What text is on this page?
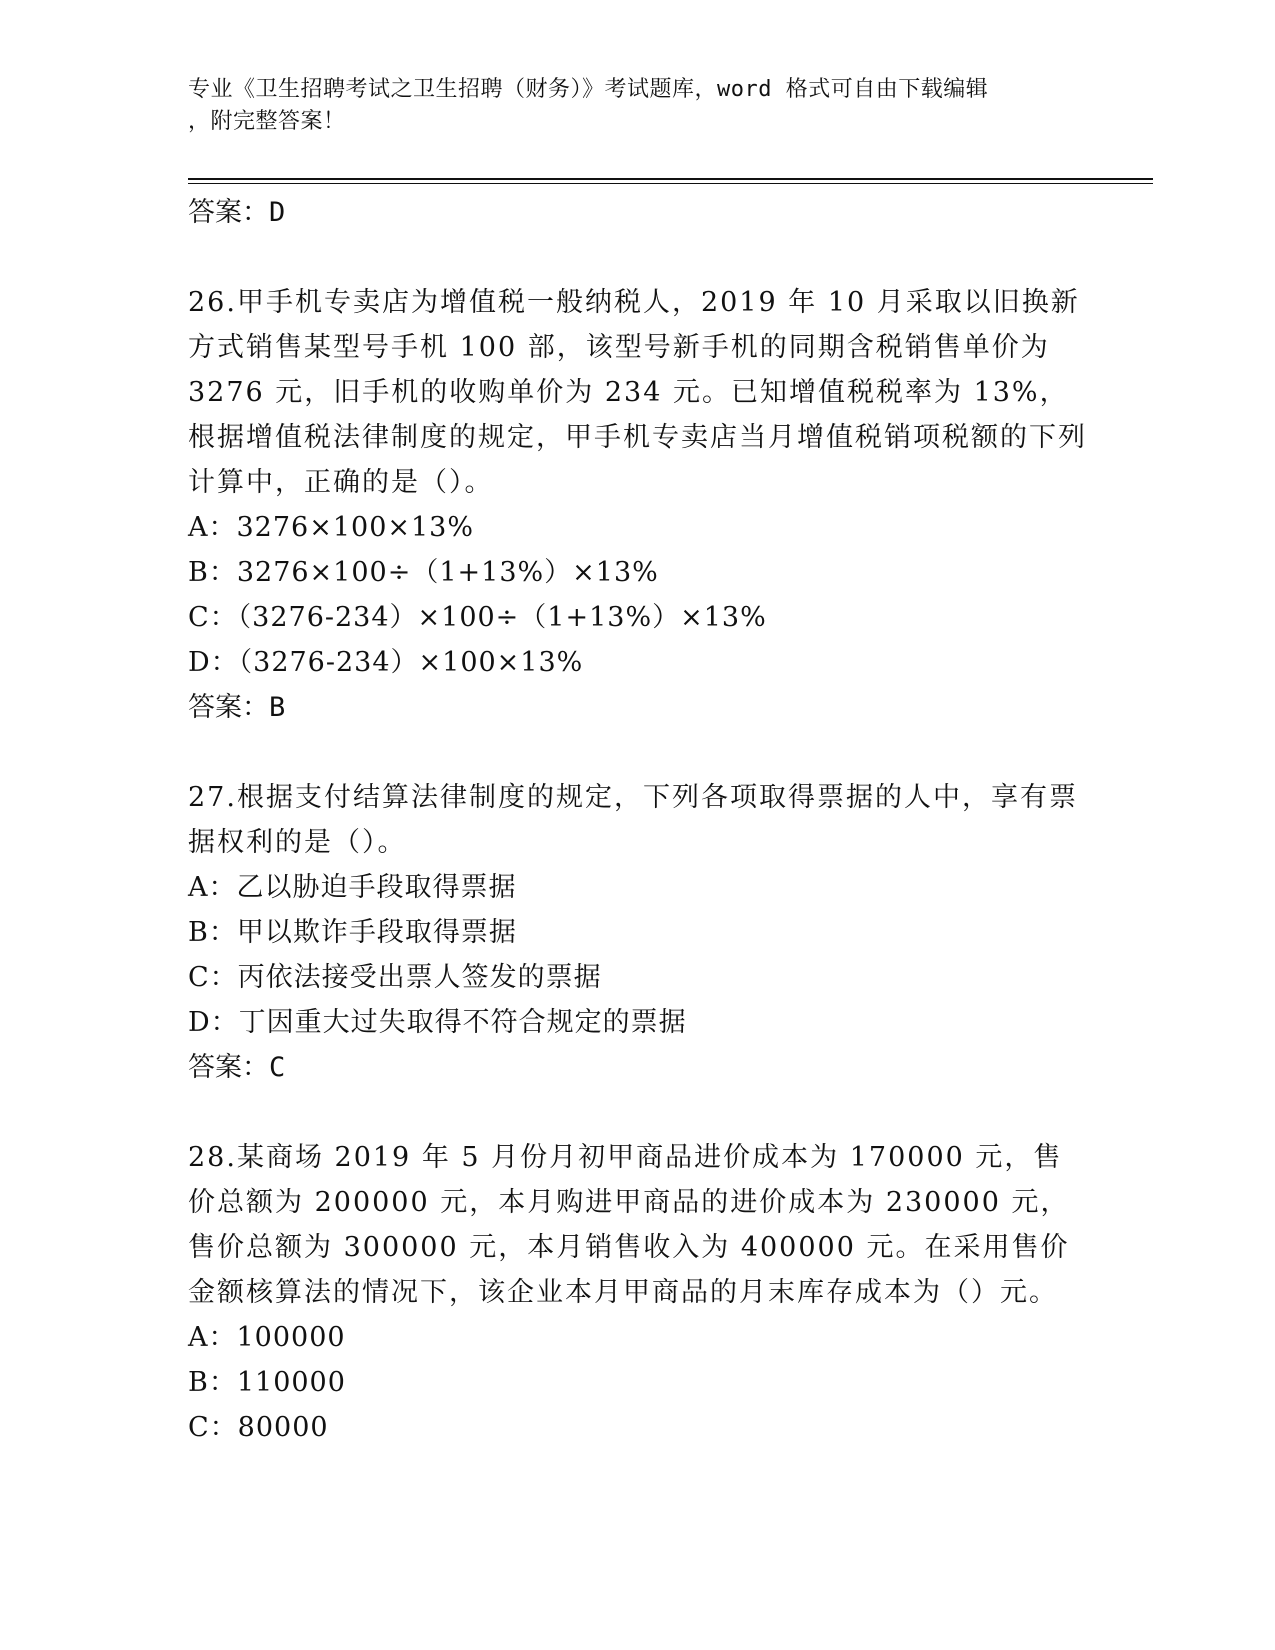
专业《卫生招聘考试之卫生招聘（财务）》考试题库，word 格式可自由下载编辑
，附完整答案！

答案：D

26.甲手机专卖店为增值税一般纳税人，2019 年 10 月采取以旧换新方式销售某型号手机 100 部，该型号新手机的同期含税销售单价为 3276 元，旧手机的收购单价为 234 元。已知增值税税率为 13%，根据增值税法律制度的规定，甲手机专卖店当月增值税销项税额的下列计算中，正确的是（）。

A：3276×100×13%

B：3276×100÷（1+13%）×13%

C：（3276-234）×100÷（1+13%）×13%

D：（3276-234）×100×13%

答案：B

27.根据支付结算法律制度的规定，下列各项取得票据的人中，享有票据权利的是（）。

A：乙以胁迫手段取得票据

B：甲以欺诈手段取得票据

C：丙依法接受出票人签发的票据

D：丁因重大过失取得不符合规定的票据

答案：C

28.某商场 2019 年 5 月份月初甲商品进价成本为 170000 元，售价总额为 200000 元，本月购进甲商品的进价成本为 230000 元，售价总额为 300000 元，本月销售收入为 400000 元。在采用售价金额核算法的情况下，该企业本月甲商品的月末库存成本为（）元。

A：100000

B：110000

C：80000
